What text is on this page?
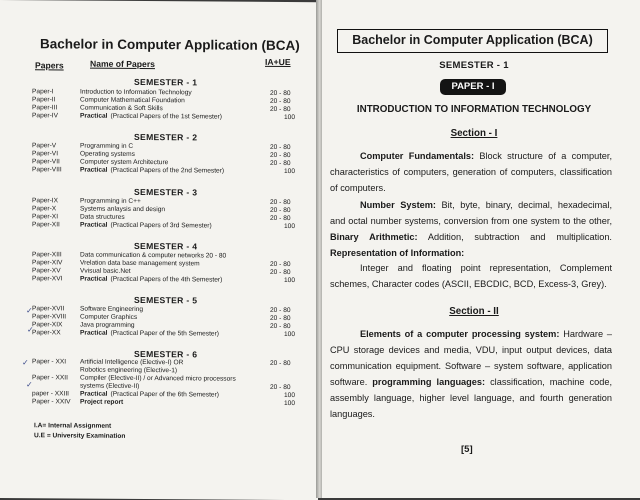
Bachelor in Computer Application (BCA)
Papers	Name of Papers	IA+UE
I.A= Internal Assignment
U.E = University Examination
✓
✓
✓
✓
SEMESTER - 1
Paper-I	Introduction to Information Technology	20 - 80
Paper-II	Computer Mathematical Foundation	20 - 80
Paper-III	Communication & Soft Skills	20 - 80
Paper-IV	Practical (Practical Papers of the 1st Semester)	100
SEMESTER - 2
Paper-V	Programming in C	20 - 80
Paper-VI	Operating systems	20 - 80
Paper-VII	Computer system Architecture	20 - 80
Paper-VIII	Practical (Practical Papers of the 2nd Semester)	100
SEMESTER - 3
Paper-IX	Programming in C++	20 - 80
Paper-X	Systems anlaysis and design	20 - 80
Paper-XI	Data structures	20 - 80
Paper-XII	Practical (Practical Papers of 3rd Semester)	100
SEMESTER - 4
Paper-XIII	Data communication & computer networks 20 - 80
Paper-XIV	Vrelation data base management system	20 - 80
Paper-XV	Vvisual basic.Net	20 - 80
Paper-XVI	Practical (Practical Papers of the 4th Semester)	100
SEMESTER - 5
Paper-XVII Software Engineering	20 - 80
Paper-XVIII Computer Graphics	20 - 80
Paper-XIX	Java programming	20 - 80
Paper-XX	Practical (Practical Paper of the 5th Semester)	100
SEMESTER - 6
Paper - XXI Artificial Intelligence (Elective-I) OR	20 - 80
Robotics engineering (Elective-1)
Paper - XXII Compiler (Elective-II) / or Advanced micro processors
systems (Elective-II)	20 - 80
paper - XXIII Practical (Practical Paper of the 6th Semester)	100
Paper - XXIV Project report	100
Bachelor in Computer Application (BCA)
SEMESTER - 1
PAPER - I
INTRODUCTION TO INFORMATION TECHNOLOGY
Section - I
Computer Fundamentals: Block structure of a computer, characteristics of computers, generation of computers, classification of computers.
Number System: Bit, byte, binary, decimal, hexadecimal, and octal number systems, conversion from one system to the other, Binary Arithmetic: Addition, subtraction and multiplication. Representation of Information:
Integer and floating point representation, Complement schemes, Character codes (ASCII, EBCDIC, BCD, Excess-3, Grey).
Section - II
Elements of a computer processing system: Hardware – CPU storage devices and media, VDU, input output devices, data communication equipment. Software – system software, application software. programming languages: classification, machine code, assembly language, higher level language, and fourth generation languages.
[5]
